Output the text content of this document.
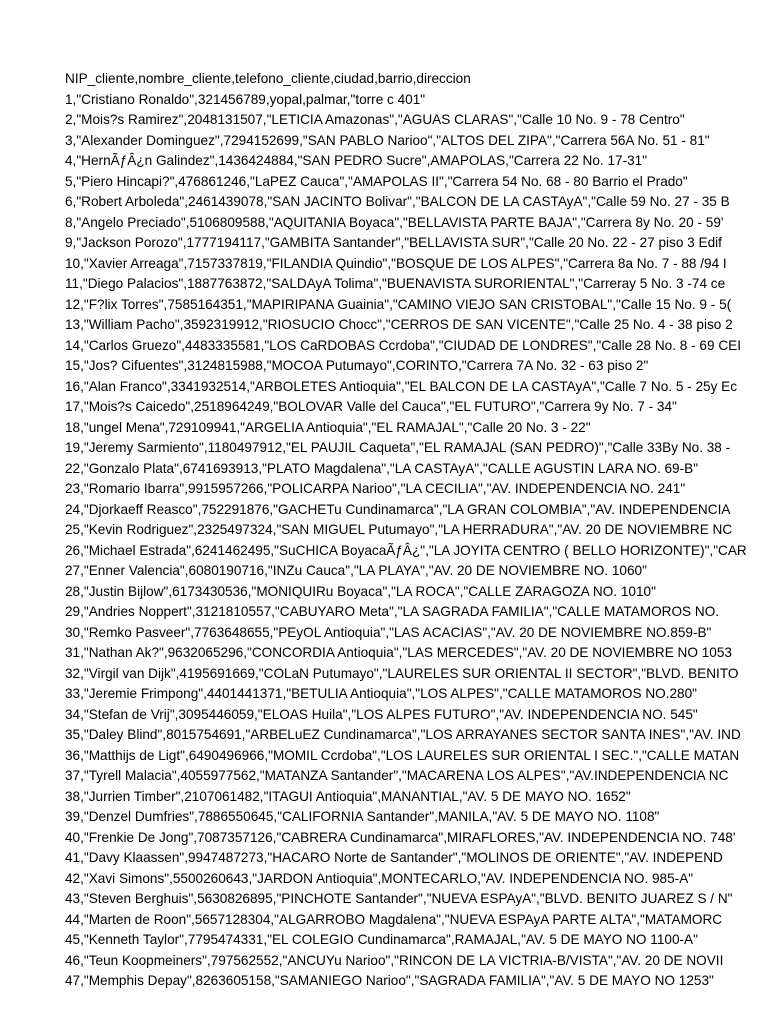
NIP_cliente,nombre_cliente,telefono_cliente,ciudad,barrio,direccion
1,"Cristiano Ronaldo",321456789,yopal,palmar,"torre c 401"
2,"Mois?s Ramirez",2048131507,"LETICIA Amazonas","AGUAS CLARAS","Calle 10 No. 9 - 78 Centro"
3,"Alexander Dominguez",7294152699,"SAN PABLO Narioo","ALTOS DEL ZIPA","Carrera 56A No. 51 - 81"
4,"HernÃƒÂ¿n Galindez",1436424884,"SAN PEDRO Sucre",AMAPOLAS,"Carrera 22 No. 17-31"
5,"Piero Hincapi?",476861246,"LaPEZ Cauca","AMAPOLAS II","Carrera 54 No. 68 - 80 Barrio el Prado"
6,"Robert Arboleda",2461439078,"SAN JACINTO Bolivar","BALCON DE LA CASTAyA","Calle 59 No. 27 - 35 B
8,"Angelo Preciado",5106809588,"AQUITANIA Boyaca","BELLAVISTA PARTE BAJA","Carrera 8y No. 20 - 59'
9,"Jackson Porozo",1777194117,"GAMBITA Santander","BELLAVISTA SUR","Calle 20 No. 22 - 27 piso 3 Edif
10,"Xavier Arreaga",7157337819,"FILANDIA Quindio","BOSQUE DE LOS ALPES","Carrera 8a No. 7 - 88 /94 I
11,"Diego Palacios",1887763872,"SALDAyA Tolima","BUENAVISTA SURORIENTAL","Carreray 5 No. 3 -74 ce
12,"F?lix Torres",7585164351,"MAPIRIPANA Guainia","CAMINO VIEJO SAN CRISTOBAL","Calle 15 No. 9 - 5(
13,"William Pacho",3592319912,"RIOSUCIO Chocc","CERROS DE SAN VICENTE","Calle 25 No. 4 - 38 piso 2
14,"Carlos Gruezo",4483335581,"LOS CaRDOBAS Ccrdoba","CIUDAD DE LONDRES","Calle 28 No. 8 - 69 CEI
15,"Jos? Cifuentes",3124815988,"MOCOA Putumayo",CORINTO,"Carrera 7A No. 32 - 63 piso 2"
16,"Alan Franco",3341932514,"ARBOLETES Antioquia","EL BALCON DE LA CASTAyA","Calle 7 No. 5 - 25y Ec
17,"Mois?s Caicedo",2518964249,"BOLOVAR Valle del Cauca","EL FUTURO","Carrera 9y No. 7 - 34"
18,"ungel Mena",729109941,"ARGELIA Antioquia","EL RAMAJAL","Calle 20 No. 3 - 22"
19,"Jeremy Sarmiento",1180497912,"EL PAUJIL Caqueta","EL RAMAJAL (SAN PEDRO)","Calle 33By No. 38 -
22,"Gonzalo Plata",6741693913,"PLATO Magdalena","LA CASTAyA","CALLE AGUSTIN LARA NO. 69-B"
23,"Romario Ibarra",9915957266,"POLICARPA Narioo","LA CECILIA","AV. INDEPENDENCIA NO. 241"
24,"Djorkaeff Reasco",752291876,"GACHETu Cundinamarca","LA GRAN COLOMBIA","AV. INDEPENDENCIA
25,"Kevin Rodriguez",2325497324,"SAN MIGUEL Putumayo","LA HERRADURA","AV. 20 DE NOVIEMBRE NC
26,"Michael Estrada",6241462495,"SuCHICA BoyacaÃƒÂ¿","LA JOYITA CENTRO ( BELLO HORIZONTE)","CAR
27,"Enner Valencia",6080190716,"INZu Cauca","LA PLAYA","AV. 20 DE NOVIEMBRE NO. 1060"
28,"Justin Bijlow",6173430536,"MONIQUIRu Boyaca","LA ROCA","CALLE ZARAGOZA NO. 1010"
29,"Andries Noppert",3121810557,"CABUYARO Meta","LA SAGRADA FAMILIA","CALLE MATAMOROS NO.
30,"Remko Pasveer",7763648655,"PEyOL Antioquia","LAS ACACIAS","AV. 20 DE NOVIEMBRE NO.859-B"
31,"Nathan Ak?",9632065296,"CONCORDIA Antioquia","LAS MERCEDES","AV. 20 DE NOVIEMBRE NO 1053
32,"Virgil van Dijk",4195691669,"COLaN Putumayo","LAURELES SUR ORIENTAL II SECTOR","BLVD. BENITO
33,"Jeremie Frimpong",4401441371,"BETULIA Antioquia","LOS ALPES","CALLE MATAMOROS NO.280"
34,"Stefan de Vrij",3095446059,"ELOAS Huila","LOS ALPES FUTURO","AV. INDEPENDENCIA NO. 545"
35,"Daley Blind",8015754691,"ARBELuEZ Cundinamarca","LOS ARRAYANES SECTOR SANTA INES","AV. IND
36,"Matthijs de Ligt",6490496966,"MOMIL Ccrdoba","LOS LAURELES SUR ORIENTAL I SEC.","CALLE MATAN
37,"Tyrell Malacia",4055977562,"MATANZA Santander","MACARENA LOS ALPES","AV.INDEPENDENCIA NC
38,"Jurrien Timber",2107061482,"ITAGUI Antioquia",MANANTIAL,"AV. 5 DE MAYO NO. 1652"
39,"Denzel Dumfries",7886550645,"CALIFORNIA Santander",MANILA,"AV. 5 DE MAYO NO. 1108"
40,"Frenkie De Jong",7087357126,"CABRERA Cundinamarca",MIRAFLORES,"AV. INDEPENDENCIA NO. 748'
41,"Davy Klaassen",9947487273,"HACARO Norte de Santander","MOLINOS DE ORIENTE","AV. INDEPEND
42,"Xavi Simons",5500260643,"JARDON Antioquia",MONTECARLO,"AV. INDEPENDENCIA NO. 985-A"
43,"Steven Berghuis",5630826895,"PINCHOTE Santander","NUEVA ESPAyA","BLVD. BENITO JUAREZ S / N"
44,"Marten de Roon",5657128304,"ALGARROBO Magdalena","NUEVA ESPAyA PARTE ALTA","MATAMORC
45,"Kenneth Taylor",7795474331,"EL COLEGIO Cundinamarca",RAMAJAL,"AV. 5 DE MAYO NO 1100-A"
46,"Teun Koopmeiners",797562552,"ANCUYu Narioo","RINCON DE LA VICTRIA-B/VISTA","AV. 20 DE NOVII
47,"Memphis Depay",8263605158,"SAMANIEGO Narioo","SAGRADA FAMILIA","AV. 5 DE MAYO NO 1253"
